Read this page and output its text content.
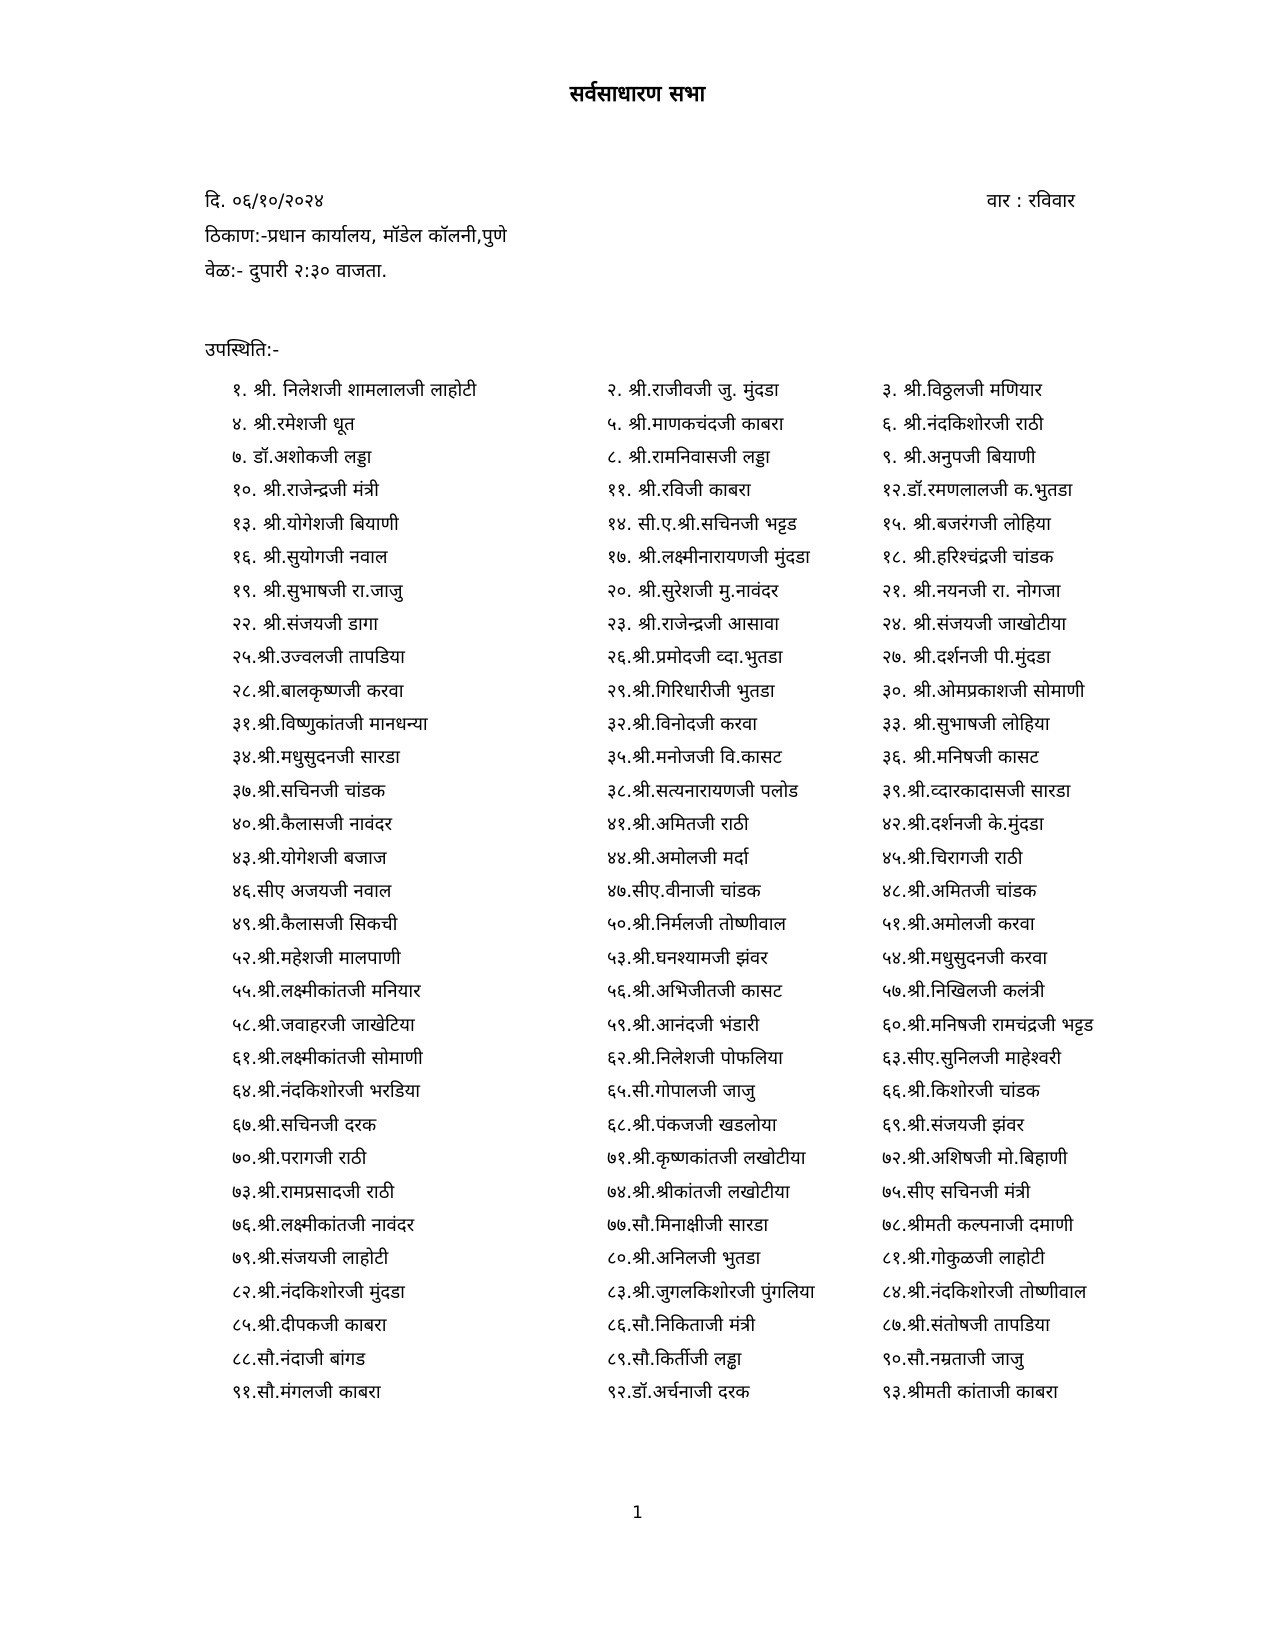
सर्वसाधारण सभा
दि. ०६/१०/२०२४	वार : रविवार
ठिकाण:-प्रधान कार्यालय, मॉडेल कॉलनी,पुणे
वेळ:- दुपारी २:३० वाजता.
उपस्थिति:-
१. श्री. निलेशजी शामलालजी लाहोटी	२. श्री.राजीवजी जु. मुंदडा	३. श्री.विठ्ठलजी मणियार
४. श्री.रमेशजी धूत	५. श्री.माणकचंदजी काबरा	६. श्री.नंदकिशोरजी राठी
७. डॉ.अशोकजी लड्डा	८. श्री.रामनिवासजी लड्डा	९. श्री.अनुपजी बियाणी
१०. श्री.राजेन्द्रजी मंत्री	११. श्री.रविजी काबरा	१२.डॉ.रमणलालजी क.भुतडा
१३. श्री.योगेशजी बियाणी	१४. सी.ए.श्री.सचिनजी भट्टड	१५. श्री.बजरंगजी लोहिया
१६. श्री.सुयोगजी नवाल	१७. श्री.लक्ष्मीनारायणजी मुंदडा	१८. श्री.हरिश्चंद्रजी चांडक
१९. श्री.सुभाषजी रा.जाजु	२०. श्री.सुरेशजी मु.नावंदर	२१. श्री.नयनजी रा. नोगजा
२२. श्री.संजयजी डागा	२३. श्री.राजेन्द्रजी आसावा	२४. श्री.संजयजी जाखोटीया
२५.श्री.उज्वलजी तापडिया	२६.श्री.प्रमोदजी व्दा.भुतडा	२७. श्री.दर्शनजी पी.मुंदडा
२८.श्री.बालकृष्णजी करवा	२९.श्री.गिरिधारीजी भुतडा	३०. श्री.ओमप्रकाशजी सोमाणी
३१.श्री.विष्णुकांतजी मानधन्या	३२.श्री.विनोदजी करवा	३३. श्री.सुभाषजी लोहिया
३४.श्री.मधुसुदनजी सारडा	३५.श्री.मनोजजी वि.कासट	३६. श्री.मनिषजी कासट
३७.श्री.सचिनजी चांडक	३८.श्री.सत्यनारायणजी पलोड	३९.श्री.व्दारकादासजी सारडा
४०.श्री.कैलासजी नावंदर	४१.श्री.अमितजी राठी	४२.श्री.दर्शनजी के.मुंदडा
४३.श्री.योगेशजी बजाज	४४.श्री.अमोलजी मर्दा	४५.श्री.चिरागजी राठी
४६.सीए अजयजी नवाल	४७.सीए.वीनाजी चांडक	४८.श्री.अमितजी चांडक
४९.श्री.कैलासजी सिकची	५०.श्री.निर्मलजी तोष्णीवाल	५१.श्री.अमोलजी करवा
५२.श्री.महेशजी मालपाणी	५३.श्री.घनश्यामजी झंवर	५४.श्री.मधुसुदनजी करवा
५५.श्री.लक्ष्मीकांतजी मनियार	५६.श्री.अभिजीतजी कासट	५७.श्री.निखिलजी कलंत्री
५८.श्री.जवाहरजी जाखेटिया	५९.श्री.आनंदजी भंडारी	६०.श्री.मनिषजी रामचंद्रजी भट्टड
६१.श्री.लक्ष्मीकांतजी सोमाणी	६२.श्री.निलेशजी पोफलिया	६३.सीए.सुनिलजी माहेश्वरी
६४.श्री.नंदकिशोरजी भरडिया	६५.सी.गोपालजी जाजु	६६.श्री.किशोरजी चांडक
६७.श्री.सचिनजी दरक	६८.श्री.पंकजजी खडलोया	६९.श्री.संजयजी झंवर
७०.श्री.परागजी राठी	७१.श्री.कृष्णकांतजी लखोटीया	७२.श्री.अशिषजी मो.बिहाणी
७३.श्री.रामप्रसादजी राठी	७४.श्री.श्रीकांतजी लखोटीया	७५.सीए सचिनजी मंत्री
७६.श्री.लक्ष्मीकांतजी नावंदर	७७.सौ.मिनाक्षीजी सारडा	७८.श्रीमती कल्पनाजी दमाणी
७९.श्री.संजयजी लाहोटी	८०.श्री.अनिलजी भुतडा	८१.श्री.गोकुळजी लाहोटी
८२.श्री.नंदकिशोरजी मुंदडा	८३.श्री.जुगलकिशोरजी पुंगलिया	८४.श्री.नंदकिशोरजी तोष्णीवाल
८५.श्री.दीपकजी काबरा	८६.सौ.निकिताजी मंत्री	८७.श्री.संतोषजी तापडिया
८८.सौ.नंदाजी बांगड	८९.सौ.किर्तीजी लड्ढा	९०.सौ.नम्रताजी जाजु
९१.सौ.मंगलजी काबरा	९२.डॉ.अर्चनाजी दरक	९३.श्रीमती कांताजी काबरा
1
